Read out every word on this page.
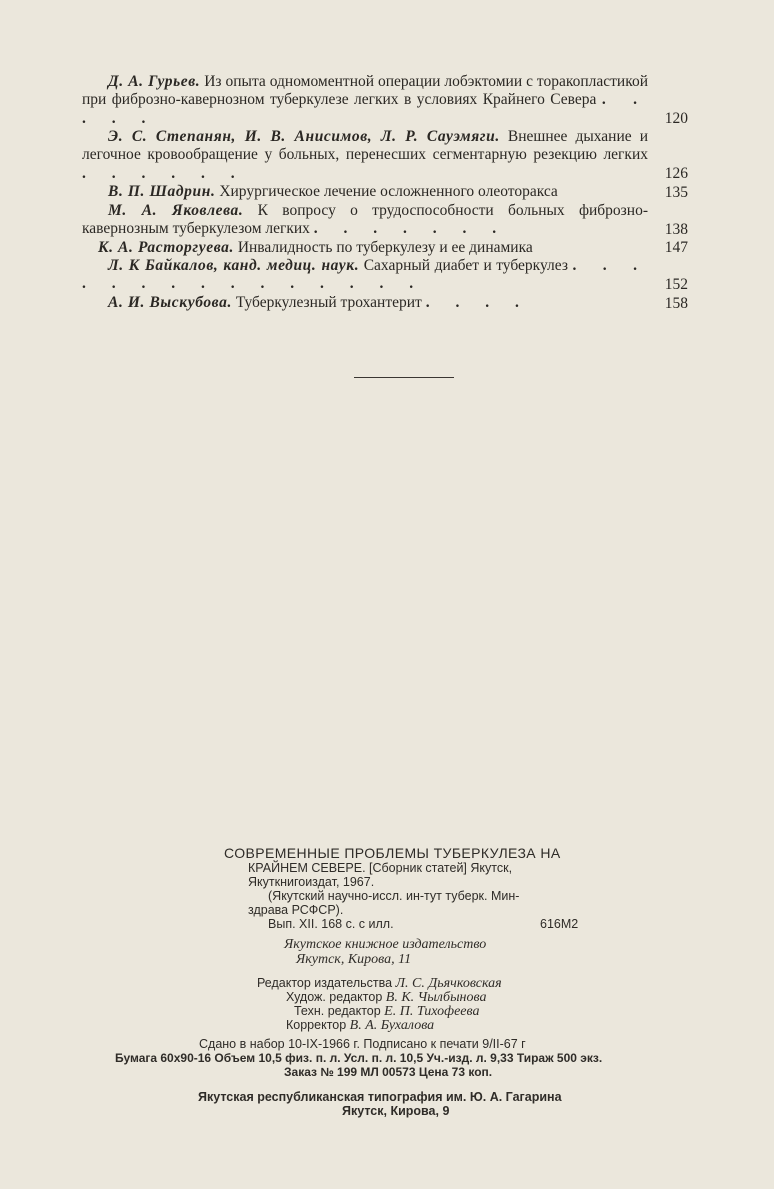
Д. А. Гурьев. Из опыта одномоментной операции лобэктомии с торакопластикой при фиброзно-кавернозном туберкулезе легких в условиях Крайнего Севера . . . . .	120
Э. С. Степанян, И. В. Анисимов, Л. Р. Сауэмяги. Внешнее дыхание и легочное кровообращение у больных, перенесших сегментарную резекцию легких . . . . . .	126
В. П. Шадрин. Хирургическое лечение осложненного олеоторакса	135
М. А. Яковлева. К вопросу о трудоспособности больных фиброзно-кавернозным туберкулезом легких . . . . . . .	138
К. А. Расторгуева. Инвалидность по туберкулезу и ее динамика	147
Л. К Байкалов, канд. медиц. наук. Сахарный диабет и туберкулез . . . . . . . . . . . . . . .	152
А. И. Выскубова. Туберкулезный трохантерит . . . .	158
СОВРЕМЕННЫЕ ПРОБЛЕМЫ ТУБЕРКУЛЕЗА НА
КРАЙНЕМ СЕВЕРЕ. [Сборник статей] Якутск,
Якуткнигоиздат, 1967.
(Якутский научно-иссл. ин-тут туберк. Мин-
здрава РСФСР).
Вып. XII. 168 с. с илл.	616М2
Якутское книжное издательство
Якутск, Кирова, 11
Редактор издательства Л. С. Дьячковская
Худож. редактор В. К. Чылбынова
Техн. редактор Е. П. Тихофеева
Корректор В. А. Бухалова
Сдано в набор 10-IX-1966 г. Подписано к печати 9/II-67 г
Бумага 60x90-16 Объем 10,5 физ. п. л. Усл. п. л. 10,5 Уч.-изд. л. 9,33 Тираж 500 экз.
Заказ № 199 МЛ 00573 Цена 73 коп.
Якутская республиканская типография им. Ю. А. Гагарина
Якутск, Кирова, 9
